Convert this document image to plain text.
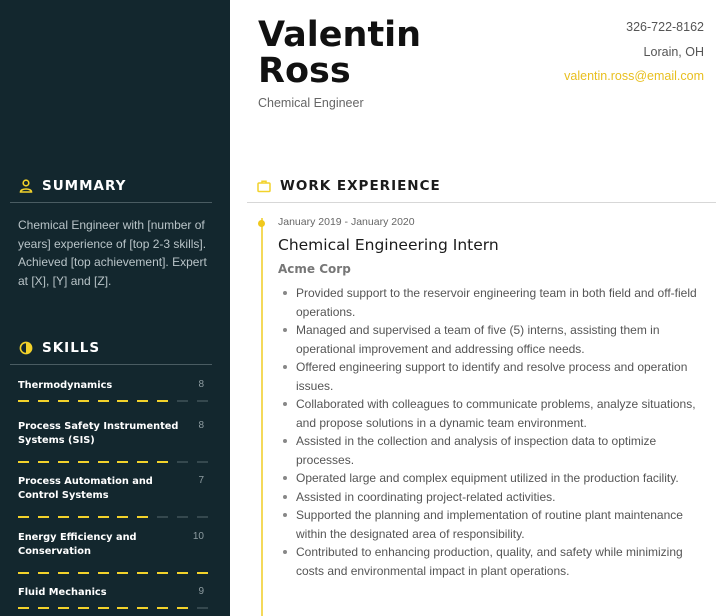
SUMMARY
Chemical Engineer with [number of years] experience of [top 2-3 skills]. Achieved [top achievement]. Expert at [X], [Y] and [Z].
SKILLS
Thermodynamics	8
Process Safety Instrumented Systems (SIS)
8
Process Automation and Control Systems
7
Energy Efficiency and Conservation
10
Fluid Mechanics	9
Valentin
Ross
Chemical Engineer
326-722-8162
Lorain, OH
valentin.ross@email.com
WORK EXPERIENCE
January 2019 - January 2020
Chemical Engineering Intern
Acme Corp
Provided support to the reservoir engineering team in both field and off-field operations.
Managed and supervised a team of five (5) interns, assisting them in operational improvement and addressing office needs.
Offered engineering support to identify and resolve process and operation issues.
Collaborated with colleagues to communicate problems, analyze situations, and propose solutions in a dynamic team environment.
Assisted in the collection and analysis of inspection data to optimize processes.
Operated large and complex equipment utilized in the production facility.
Assisted in coordinating project-related activities.
Supported the planning and implementation of routine plant maintenance within the designated area of responsibility.
Contributed to enhancing production, quality, and safety while minimizing costs and environmental impact in plant operations.
